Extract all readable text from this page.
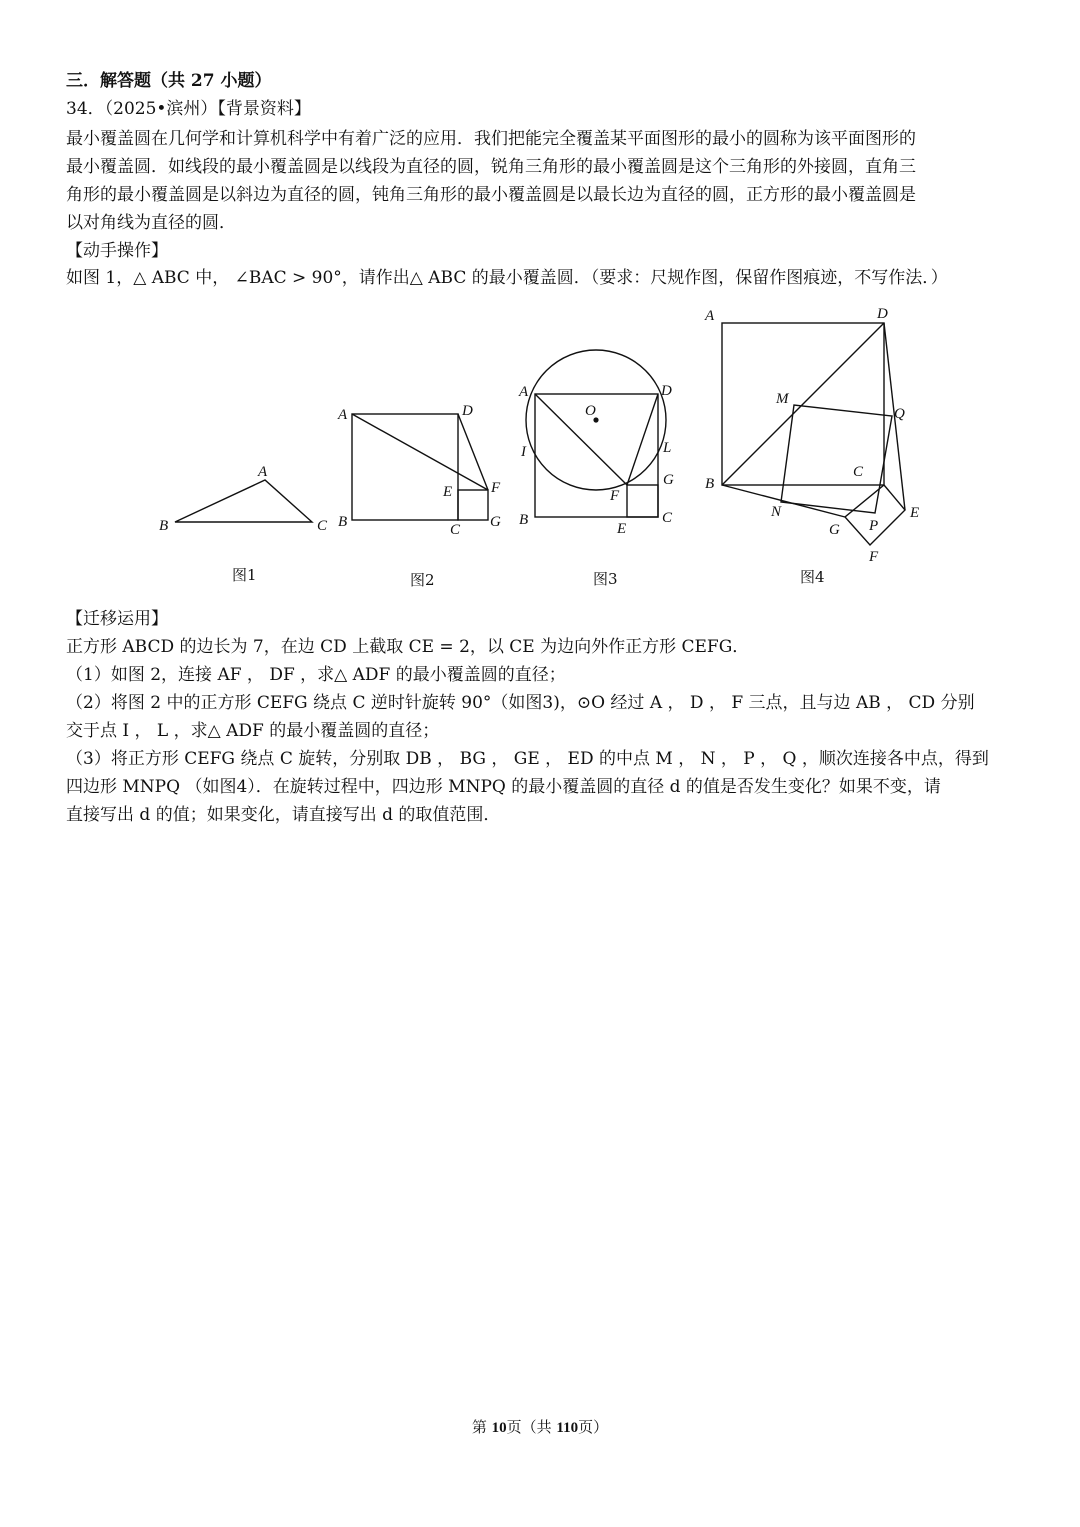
三．解答题（共 27 小题）
34．（2025•滨州）【背景资料】
最小覆盖圆在几何学和计算机科学中有着广泛的应用．我们把能完全覆盖某平面图形的最小的圆称为该平面图形的
最小覆盖圆．如线段的最小覆盖圆是以线段为直径的圆，锐角三角形的最小覆盖圆是这个三角形的外接圆，直角三
角形的最小覆盖圆是以斜边为直径的圆，钝角三角形的最小覆盖圆是以最长边为直径的圆，正方形的最小覆盖圆是
以对角线为直径的圆．
【动手操作】
如图 1，△ ABC 中， ∠BAC > 90°，请作出△ ABC 的最小覆盖圆．（要求：尺规作图，保留作图痕迹，不写作法．）
A
B	C
图1
A	D
B	C
E	F
G
图2
A	D
O
I	L
G
F
B
E
C
图3
A	D
M
Q
C
B
N
G P
E
F
图4
【迁移运用】
正方形 ABCD 的边长为 7，在边 CD 上截取 CE = 2，以 CE 为边向外作正方形 CEFG．
（1）如图 2，连接 AF ， DF ，求△ ADF 的最小覆盖圆的直径；
（2）将图 2 中的正方形 CEFG 绕点 C 逆时针旋转 90°（如图3)，⊙O 经过 A ， D ， F 三点，且与边 AB ， CD 分别
交于点 I ， L ，求△ ADF 的最小覆盖圆的直径；
（3）将正方形 CEFG 绕点 C 旋转，分别取 DB ， BG ， GE ， ED 的中点 M ， N ， P ， Q ，顺次连接各中点，得到
四边形 MNPQ （如图4）．在旋转过程中，四边形 MNPQ 的最小覆盖圆的直径 d 的值是否发生变化？如果不变，请
直接写出 d 的值；如果变化，请直接写出 d 的取值范围．
第 10页（共 110页）
